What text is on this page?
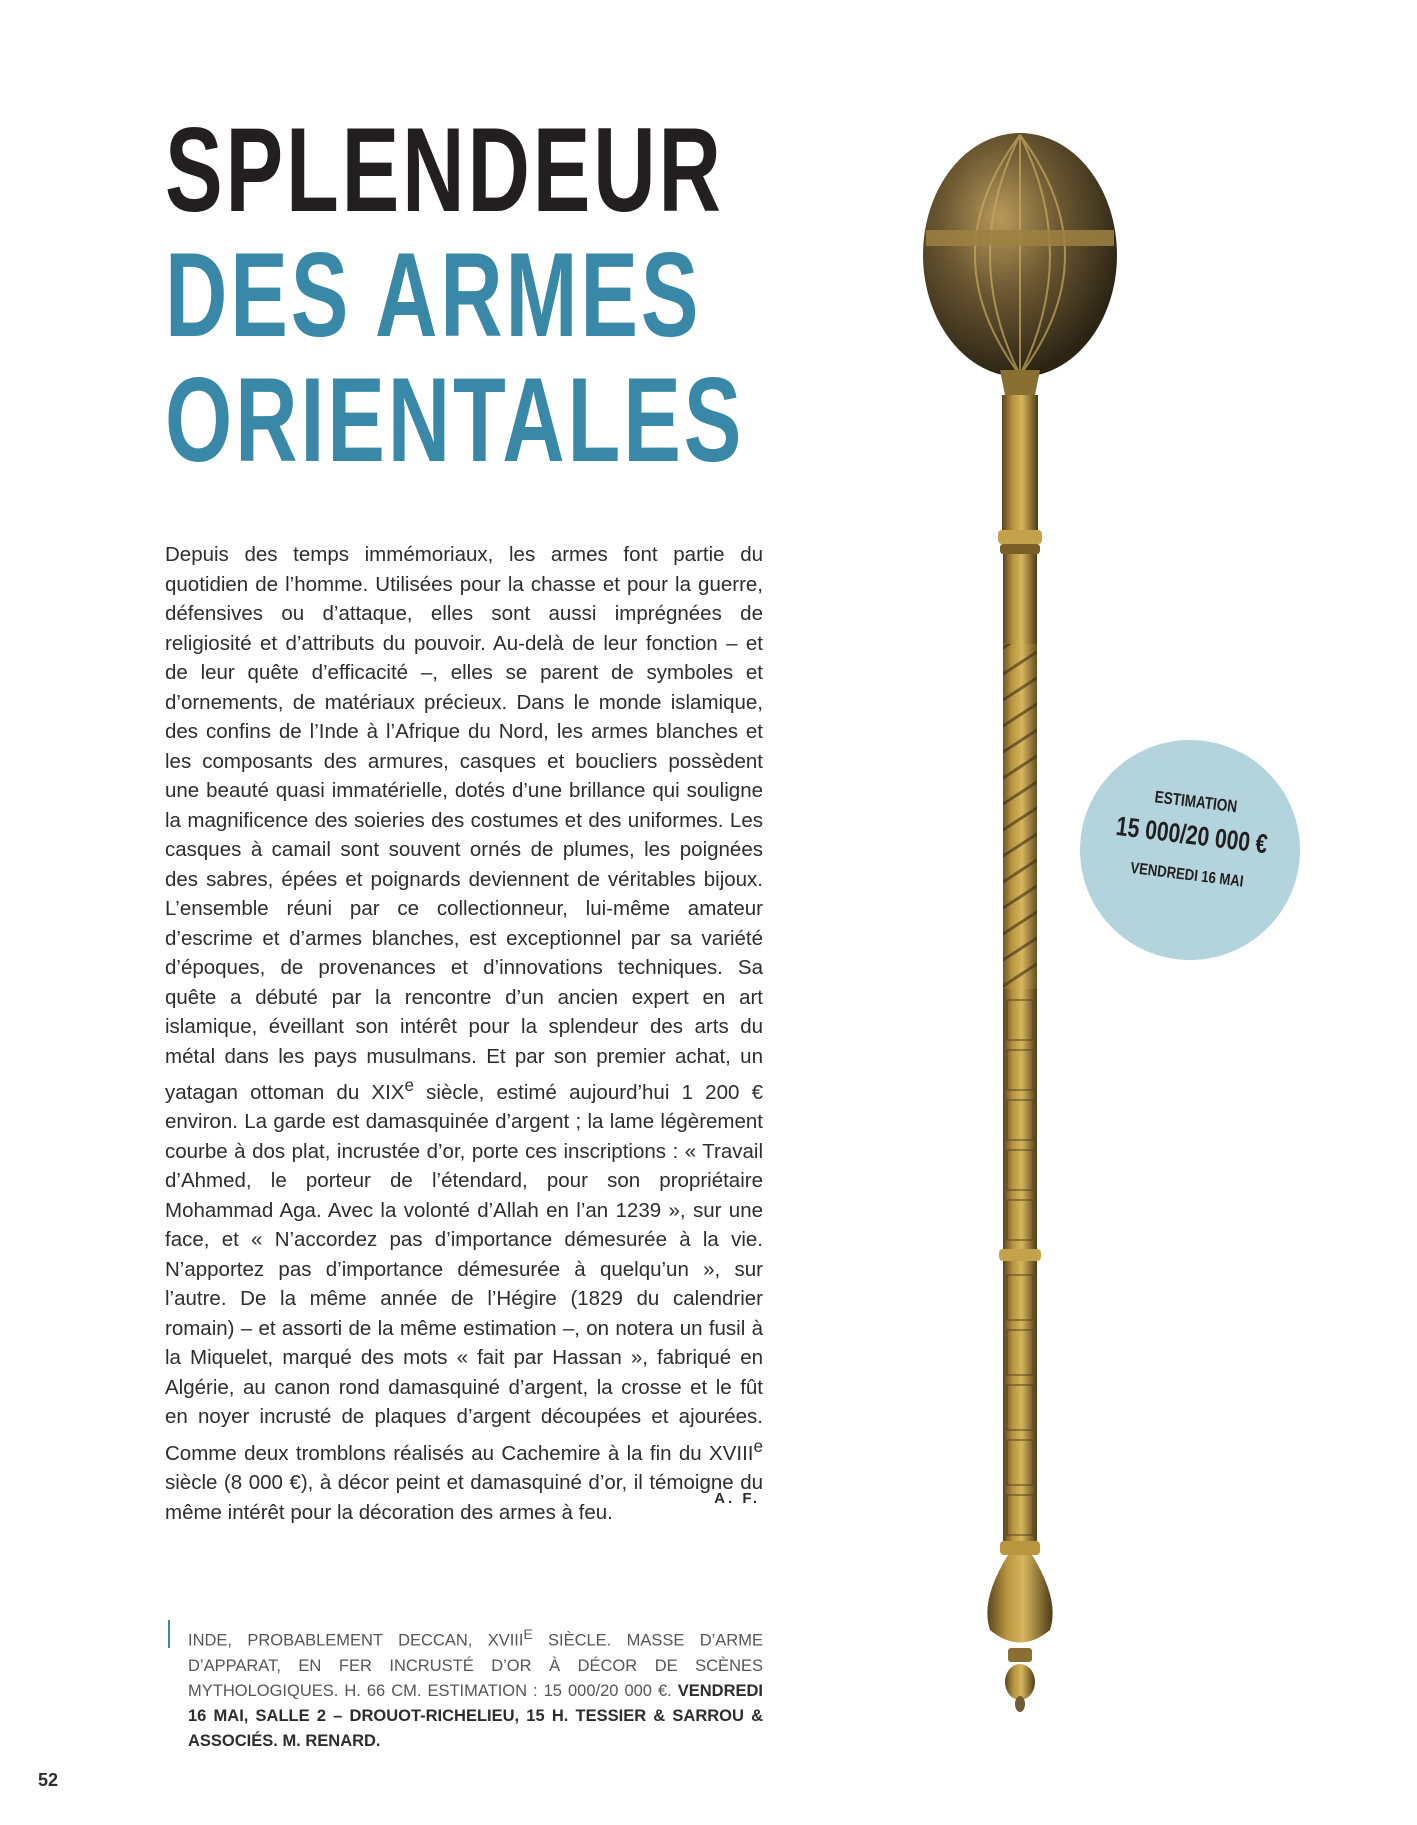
SPLENDEUR
DES ARMES
ORIENTALES

Depuis des temps immémoriaux, les armes font partie du quotidien de l’homme. Utilisées pour la chasse et pour la guerre, défensives ou d’attaque, elles sont aussi imprégnées de religiosité et d’attributs du pouvoir. Au-delà de leur fonction – et de leur quête d’efficacité –, elles se parent de symboles et d’ornements, de matériaux précieux. Dans le monde islamique, des confins de l’Inde à l’Afrique du Nord, les armes blanches et les composants des armures, casques et boucliers possèdent une beauté quasi immatérielle, dotés d’une brillance qui souligne la magnificence des soieries des costumes et des uniformes. Les casques à camail sont souvent ornés de plumes, les poignées des sabres, épées et poignards deviennent de véritables bijoux. L’ensemble réuni par ce collectionneur, lui-même amateur d’escrime et d’armes blanches, est exceptionnel par sa variété d’époques, de provenances et d’innovations techniques. Sa quête a débuté par la rencontre d’un ancien expert en art islamique, éveillant son intérêt pour la splendeur des arts du métal dans les pays musulmans. Et par son premier achat, un yatagan ottoman du XIXe siècle, estimé aujourd’hui 1 200 € environ. La garde est damasquinée d’argent ; la lame légèrement courbe à dos plat, incrustée d’or, porte ces inscriptions : « Travail d’Ahmed, le porteur de l’étendard, pour son propriétaire Mohammad Aga. Avec la volonté d’Allah en l’an 1239 », sur une face, et « N’accordez pas d’importance démesurée à la vie. N’apportez pas d’importance démesurée à quelqu’un », sur l’autre. De la même année de l’Hégire (1829 du calendrier romain) – et assorti de la même estimation –, on notera un fusil à la Miquelet, marqué des mots « fait par Hassan », fabriqué en Algérie, au canon rond damasquiné d’argent, la crosse et le fût en noyer incrusté de plaques d’argent découpées et ajourées. Comme deux tromblons réalisés au Cachemire à la fin du XVIIIe siècle (8 000 €), à décor peint et damasquiné d’or, il témoigne du même intérêt pour la décoration des armes à feu.

A. F.

INDE, PROBABLEMENT DECCAN, $XVIII^E$ SIÈCLE. MASSE D’ARME D’APPARAT, EN FER INCRUSTÉ D’OR À DÉCOR DE SCÈNES MYTHOLOGIQUES. H. 66 CM. ESTIMATION : 15 000/20 000 €. VENDREDI 16 MAI, SALLE 2 – DROUOT-RICHELIEU, 15 H. TESSIER & SARROU & ASSOCIÉS. M. RENARD.

52
ESTIMATION
15 000/20 000 €
VENDREDI 16 MAI
